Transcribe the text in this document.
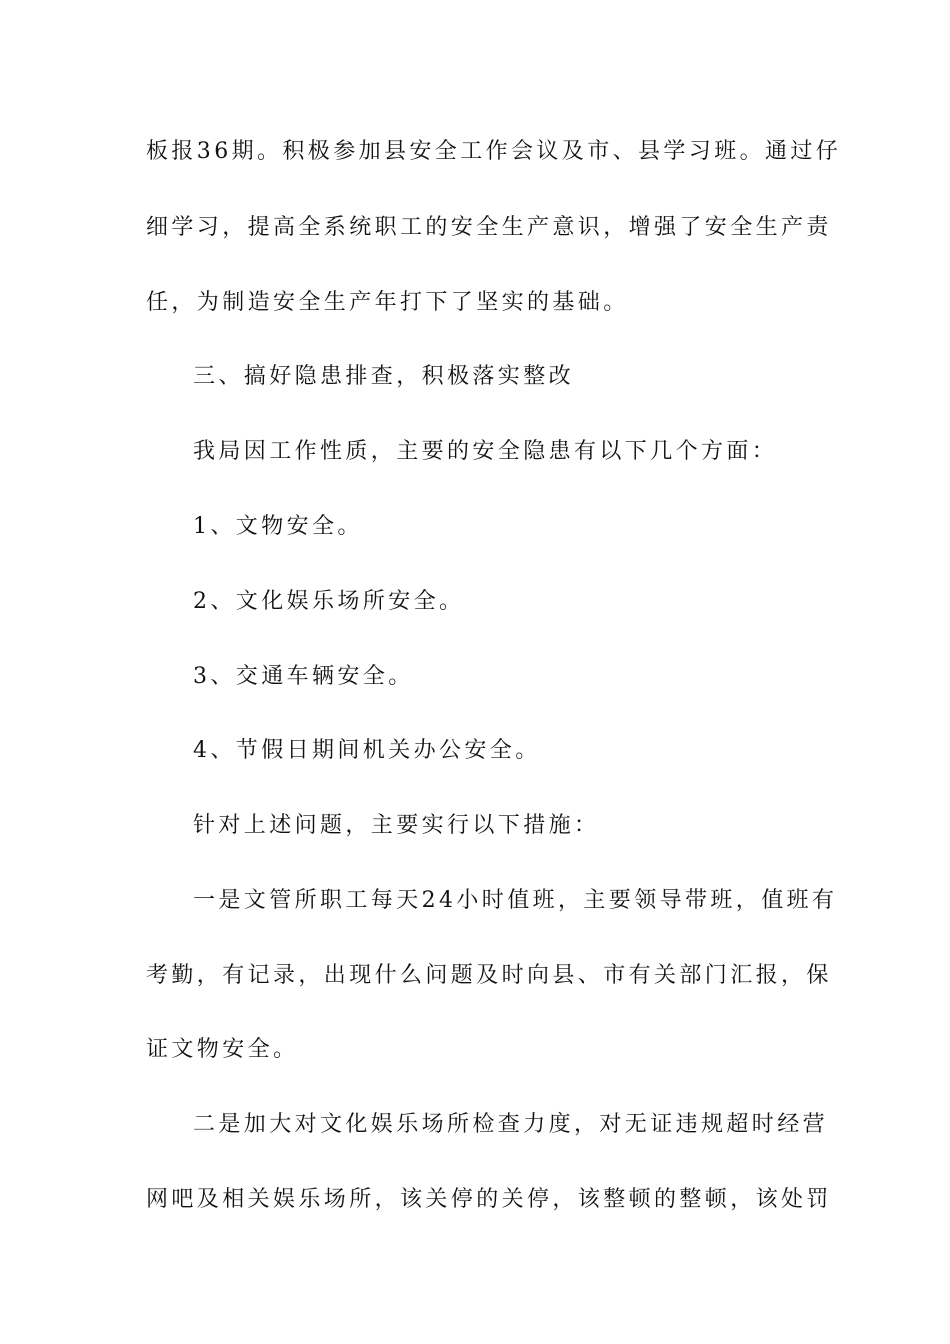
板报36期。积极参加县安全工作会议及市、县学习班。通过仔
细学习，提高全系统职工的安全生产意识，增强了安全生产责
任，为制造安全生产年打下了坚实的基础。
三、搞好隐患排查，积极落实整改
我局因工作性质，主要的安全隐患有以下几个方面：
1、文物安全。
2、文化娱乐场所安全。
3、交通车辆安全。
4、节假日期间机关办公安全。
针对上述问题，主要实行以下措施：
一是文管所职工每天24小时值班，主要领导带班，值班有
考勤，有记录，出现什么问题及时向县、市有关部门汇报，保
证文物安全。
二是加大对文化娱乐场所检查力度，对无证违规超时经营
网吧及相关娱乐场所，该关停的关停，该整顿的整顿，该处罚
